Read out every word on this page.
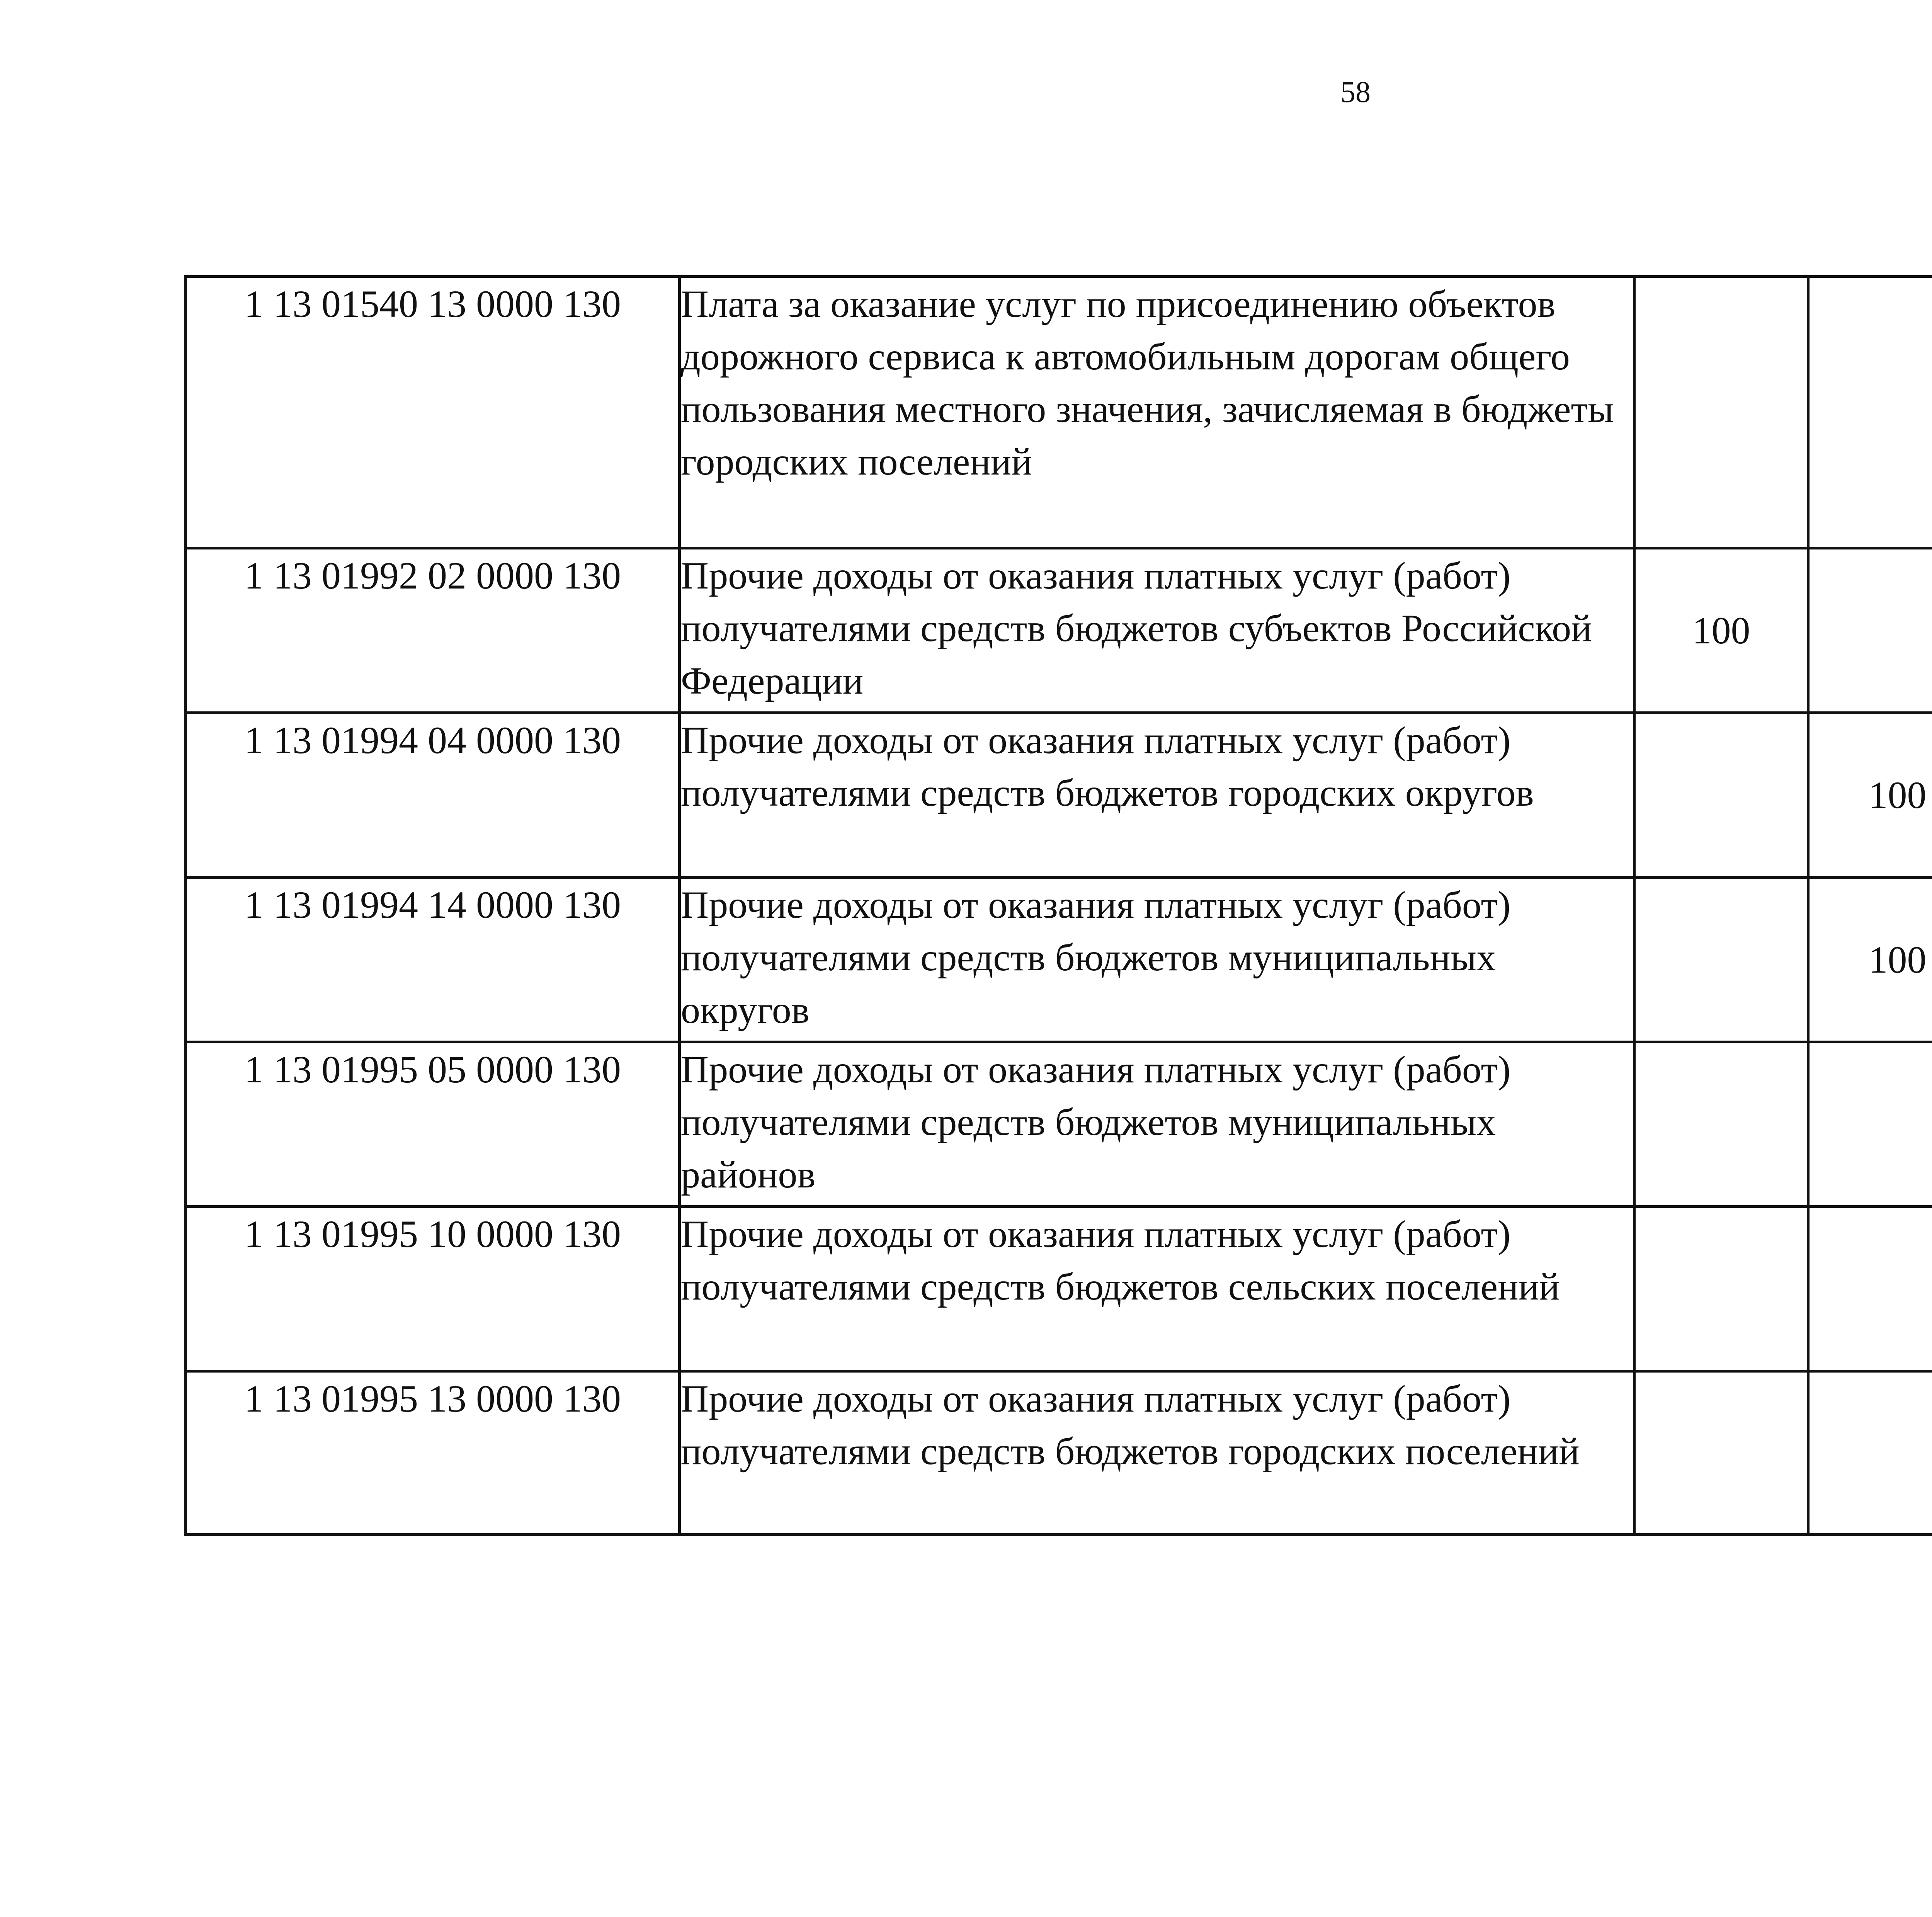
58
1 13 01540 13 0000 130	Плата за оказание услуг по присоединению объектов дорожного сервиса к автомобильным дорогам общего пользования местного значения, зачисляемая в бюджеты городских поселений					
1 13 01992 02 0000 130	Прочие доходы от оказания платных услуг (работ) получателями средств бюджетов субъектов Российской Федерации	100				
1 13 01994 04 0000 130	Прочие доходы от оказания платных услуг (работ) получателями средств бюджетов городских округов		100			
1 13 01994 14 0000 130	Прочие доходы от оказания платных услуг (работ) получателями средств бюджетов муниципальных округов		100			
1 13 01995 05 0000 130	Прочие доходы от оказания платных услуг (работ) получателями средств бюджетов муниципальных районов					
1 13 01995 10 0000 130	Прочие доходы от оказания платных услуг (работ) получателями средств бюджетов сельских поселений					
1 13 01995 13 0000 130	Прочие доходы от оказания платных услуг (работ) получателями средств бюджетов городских поселений					
